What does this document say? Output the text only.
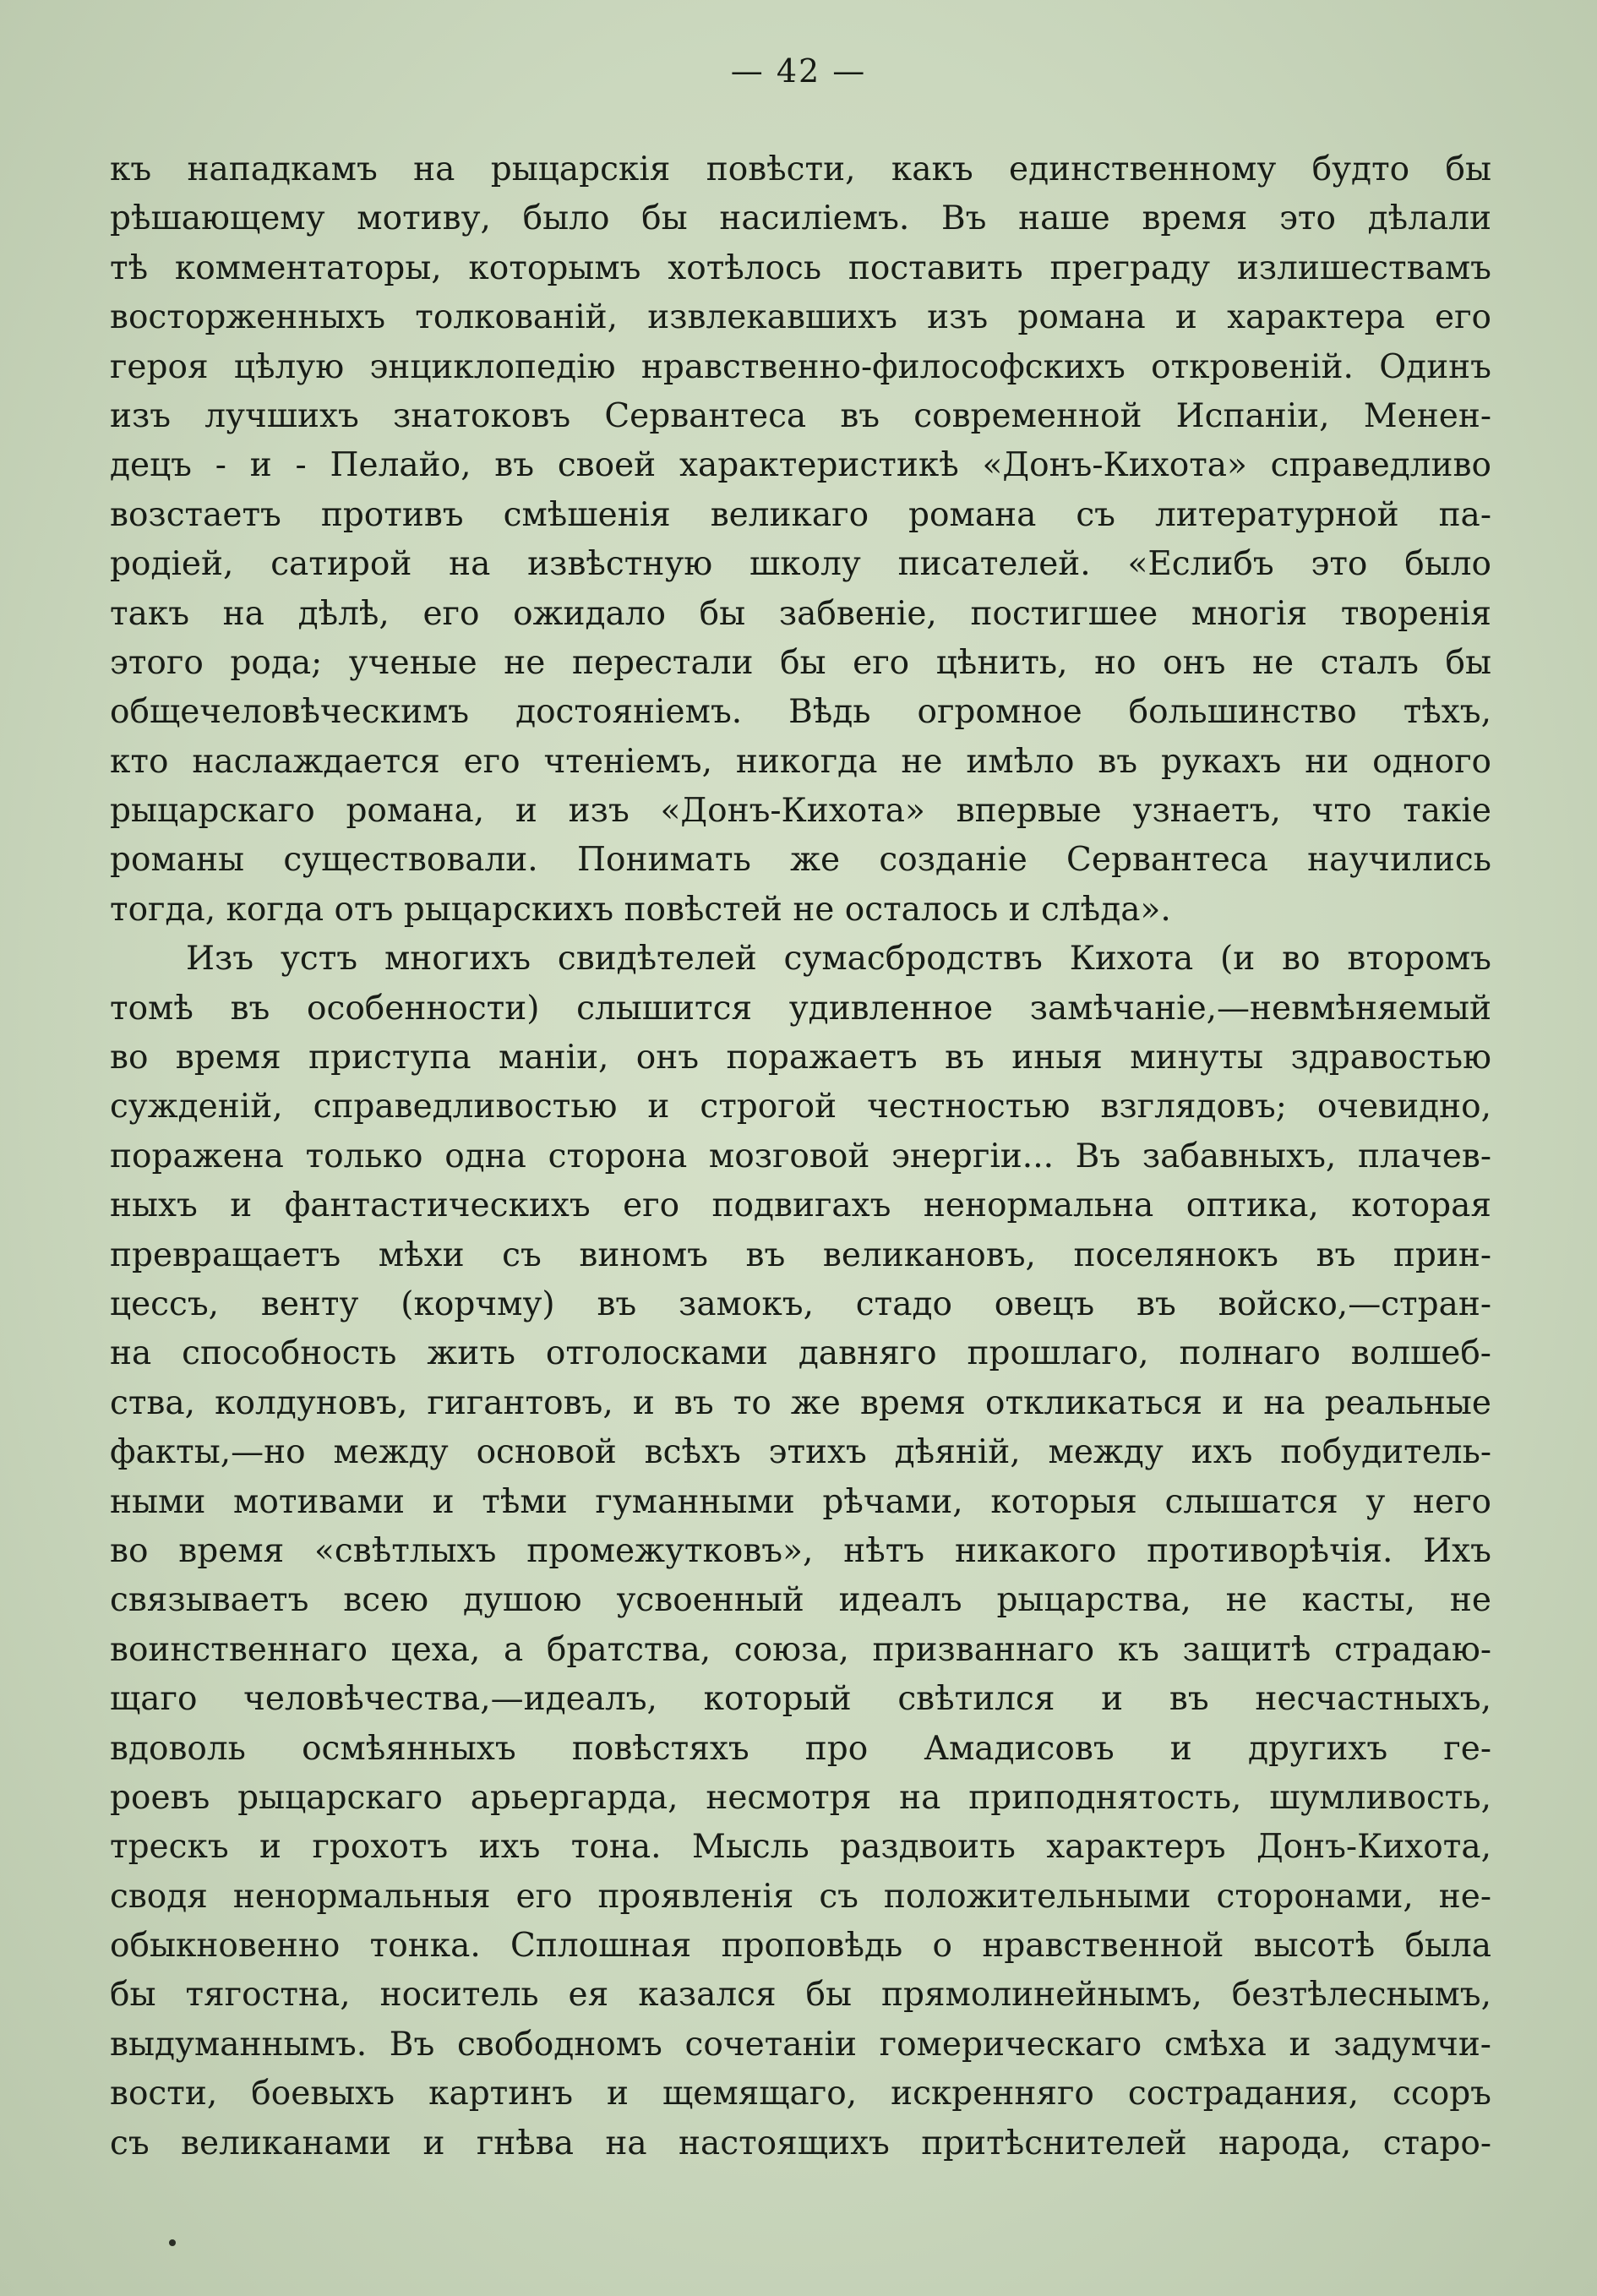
— 42 —
къ нападкамъ на рыцарскія повѣсти, какъ единственному будто бы
рѣшающему мотиву, было бы насиліемъ. Въ наше время это дѣлали
тѣ комментаторы, которымъ хотѣлось поставить преграду излишествамъ
восторженныхъ толкованій, извлекавшихъ изъ романа и характера его
героя цѣлую энциклопедію нравственно-философскихъ откровеній. Одинъ
изъ лучшихъ знатоковъ Сервантеса въ современной Испаніи, Менен-
децъ - и - Пелайо, въ своей характеристикѣ «Донъ-Кихота» справедливо
возстаетъ противъ смѣшенія великаго романа съ литературной па-
родіей, сатирой на извѣстную школу писателей. «Еслибъ это было
такъ на дѣлѣ, его ожидало бы забвеніе, постигшее многія творенія
этого рода; ученые не перестали бы его цѣнить, но онъ не сталъ бы
общечеловѣческимъ достояніемъ. Вѣдь огромное большинство тѣхъ,
кто наслаждается его чтеніемъ, никогда не имѣло въ рукахъ ни одного
рыцарскаго романа, и изъ «Донъ-Кихота» впервые узнаетъ, что такіе
романы существовали. Понимать же созданіе Сервантеса научились
тогда, когда отъ рыцарскихъ повѣстей не осталось и слѣда».
Изъ устъ многихъ свидѣтелей сумасбродствъ Кихота (и во второмъ
томѣ въ особенности) слышится удивленное замѣчаніе,—невмѣняемый
во время приступа маніи, онъ поражаетъ въ иныя минуты здравостью
сужденій, справедливостью и строгой честностью взглядовъ; очевидно,
поражена только одна сторона мозговой энергіи... Въ забавныхъ, плачев-
ныхъ и фантастическихъ его подвигахъ ненормальна оптика, которая
превращаетъ мѣхи съ виномъ въ великановъ, поселянокъ въ прин-
цессъ, венту (корчму) въ замокъ, стадо овецъ въ войско,—стран-
на способность жить отголосками давняго прошлаго, полнаго волшеб-
ства, колдуновъ, гигантовъ, и въ то же время откликаться и на реальные
факты,—но между основой всѣхъ этихъ дѣяній, между ихъ побудитель-
ными мотивами и тѣми гуманными рѣчами, которыя слышатся у него
во время «свѣтлыхъ промежутковъ», нѣтъ никакого противорѣчія. Ихъ
связываетъ всею душою усвоенный идеалъ рыцарства, не касты, не
воинственнаго цеха, а братства, союза, призваннаго къ защитѣ страдаю-
щаго человѣчества,—идеалъ, который свѣтился и въ несчастныхъ,
вдоволь осмѣянныхъ повѣстяхъ про Амадисовъ и другихъ ге-
роевъ рыцарскаго арьергарда, несмотря на приподнятость, шумливость,
трескъ и грохотъ ихъ тона. Мысль раздвоить характеръ Донъ-Кихота,
сводя ненормальныя его проявленія съ положительными сторонами, не-
обыкновенно тонка. Сплошная проповѣдь о нравственной высотѣ была
бы тягостна, носитель ея казался бы прямолинейнымъ, безтѣлеснымъ,
выдуманнымъ. Въ свободномъ сочетаніи гомерическаго смѣха и задумчи-
вости, боевыхъ картинъ и щемящаго, искренняго сострадания, ссоръ
съ великанами и гнѣва на настоящихъ притѣснителей народа, старо-
